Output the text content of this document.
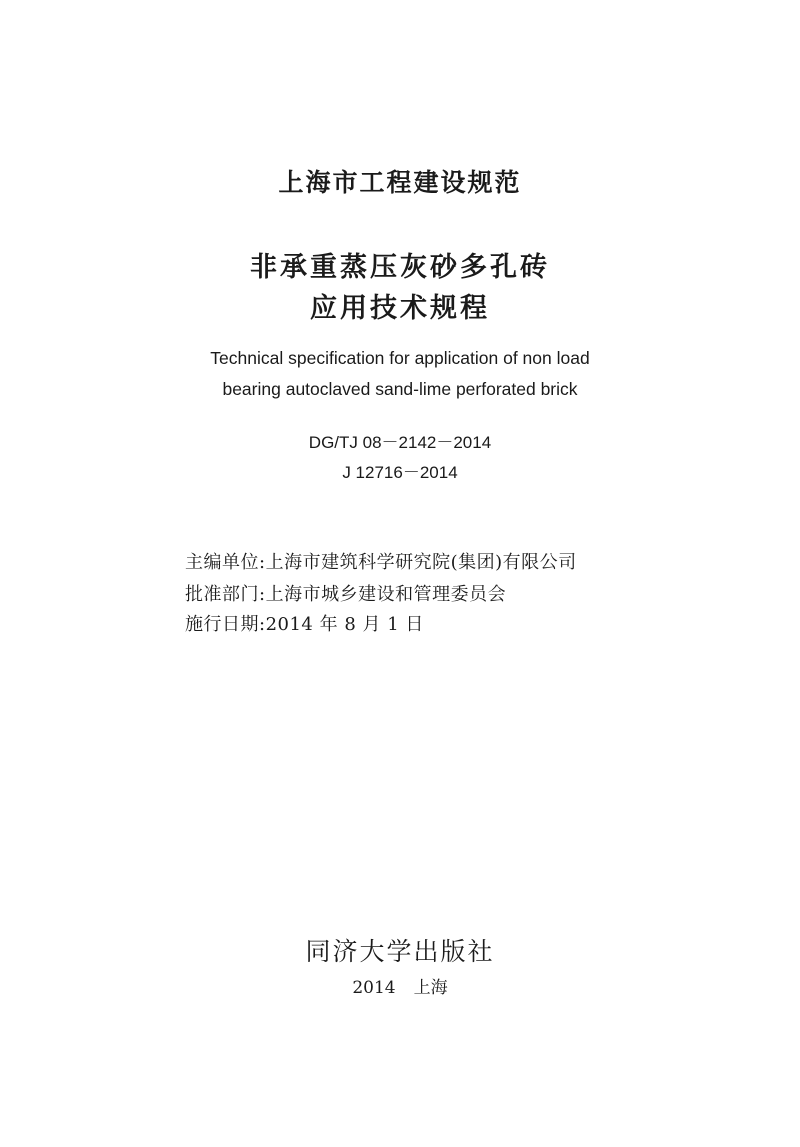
上海市工程建设规范
非承重蒸压灰砂多孔砖
应用技术规程
Technical specification for application of non load
bearing autoclaved sand-lime perforated brick
DG/TJ 08－2142－2014
J 12716－2014
主编单位:上海市建筑科学研究院(集团)有限公司
批准部门:上海市城乡建设和管理委员会
施行日期:2014 年 8 月 1 日
同济大学出版社
2014 上海
